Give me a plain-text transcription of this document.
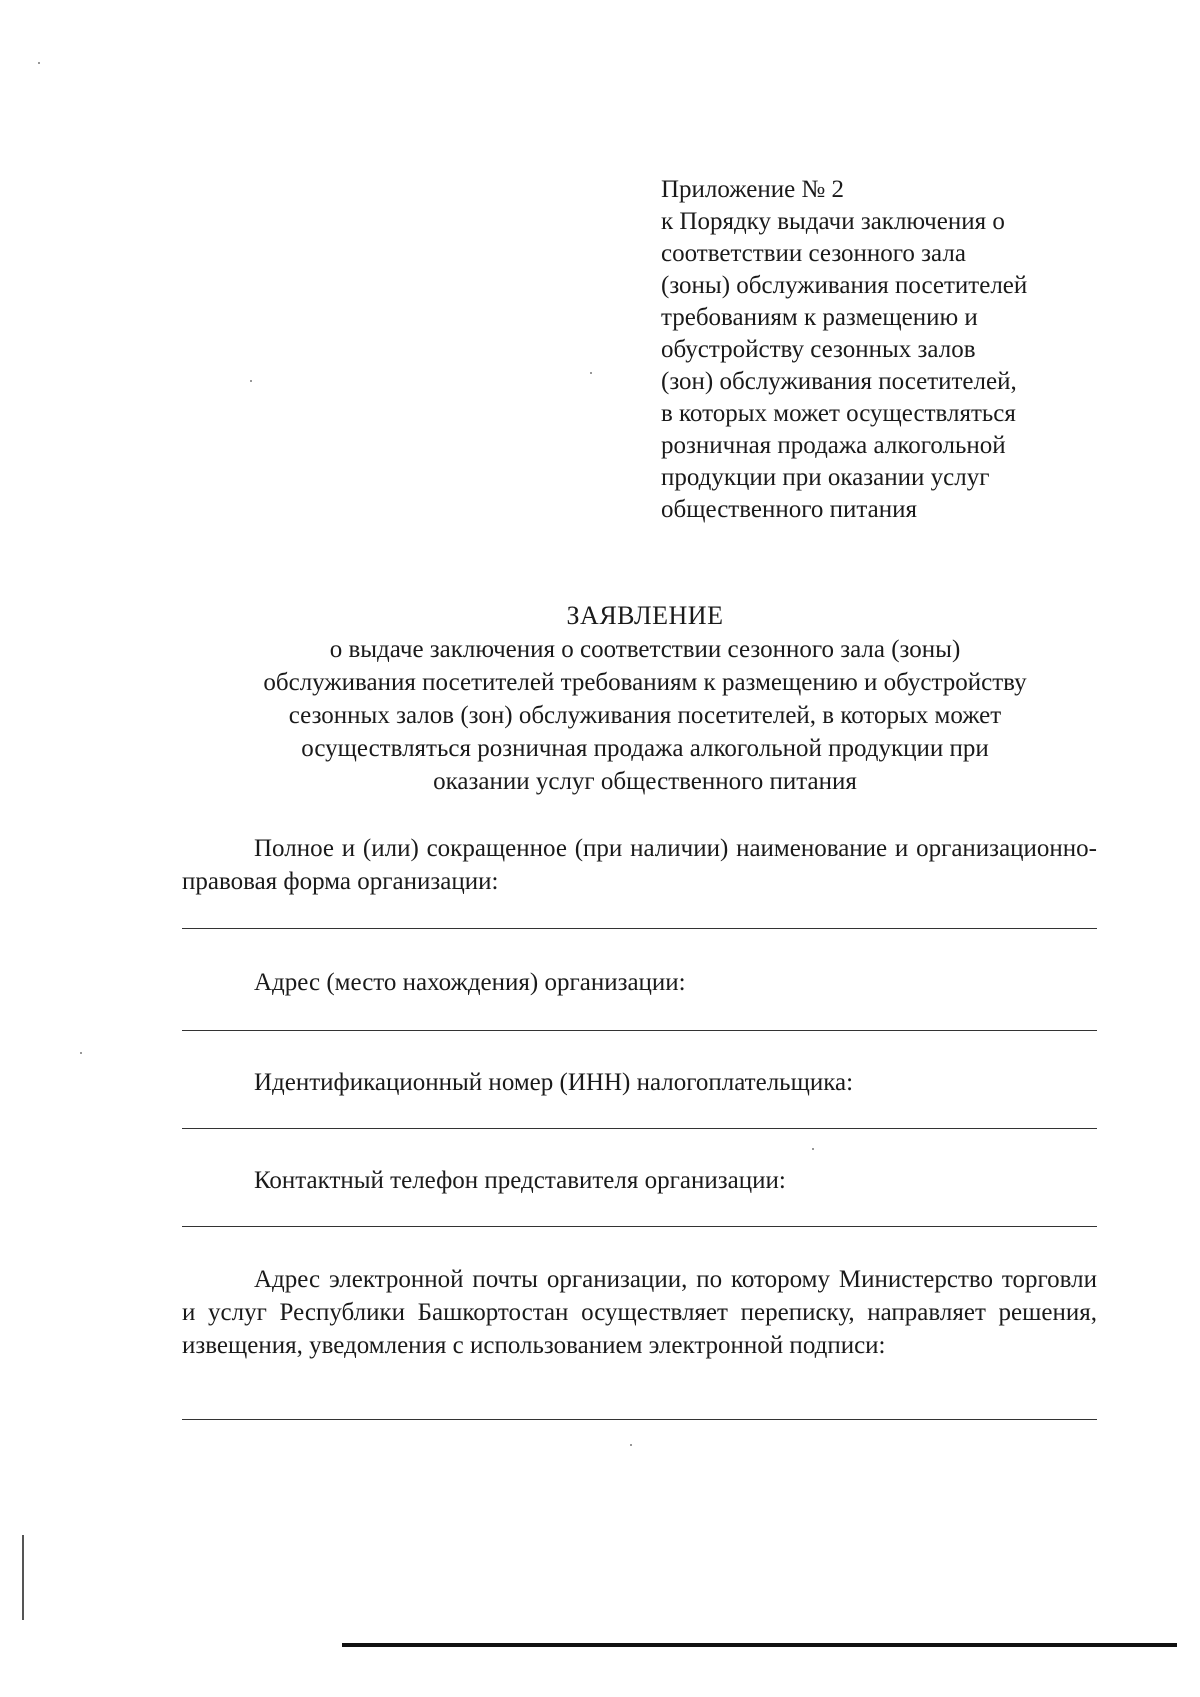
Приложение № 2
к Порядку выдачи заключения о
соответствии сезонного зала
(зоны) обслуживания посетителей
требованиям к размещению и
обустройству сезонных залов
(зон) обслуживания посетителей,
в которых может осуществляться
розничная продажа алкогольной
продукции при оказании услуг
общественного питания
ЗАЯВЛЕНИЕ
о выдаче заключения о соответствии сезонного зала (зоны)
обслуживания посетителей требованиям к размещению и обустройству
сезонных залов (зон) обслуживания посетителей, в которых может
осуществляться розничная продажа алкогольной продукции при
оказании услуг общественного питания
Полное и (или) сокращенное (при наличии) наименование и организационно-правовая форма организации:
Адрес (место нахождения) организации:
Идентификационный номер (ИНН) налогоплательщика:
Контактный телефон представителя организации:
Адрес электронной почты организации, по которому Министерство торговли и услуг Республики Башкортостан осуществляет переписку, направляет решения, извещения, уведомления с использованием электронной подписи:
